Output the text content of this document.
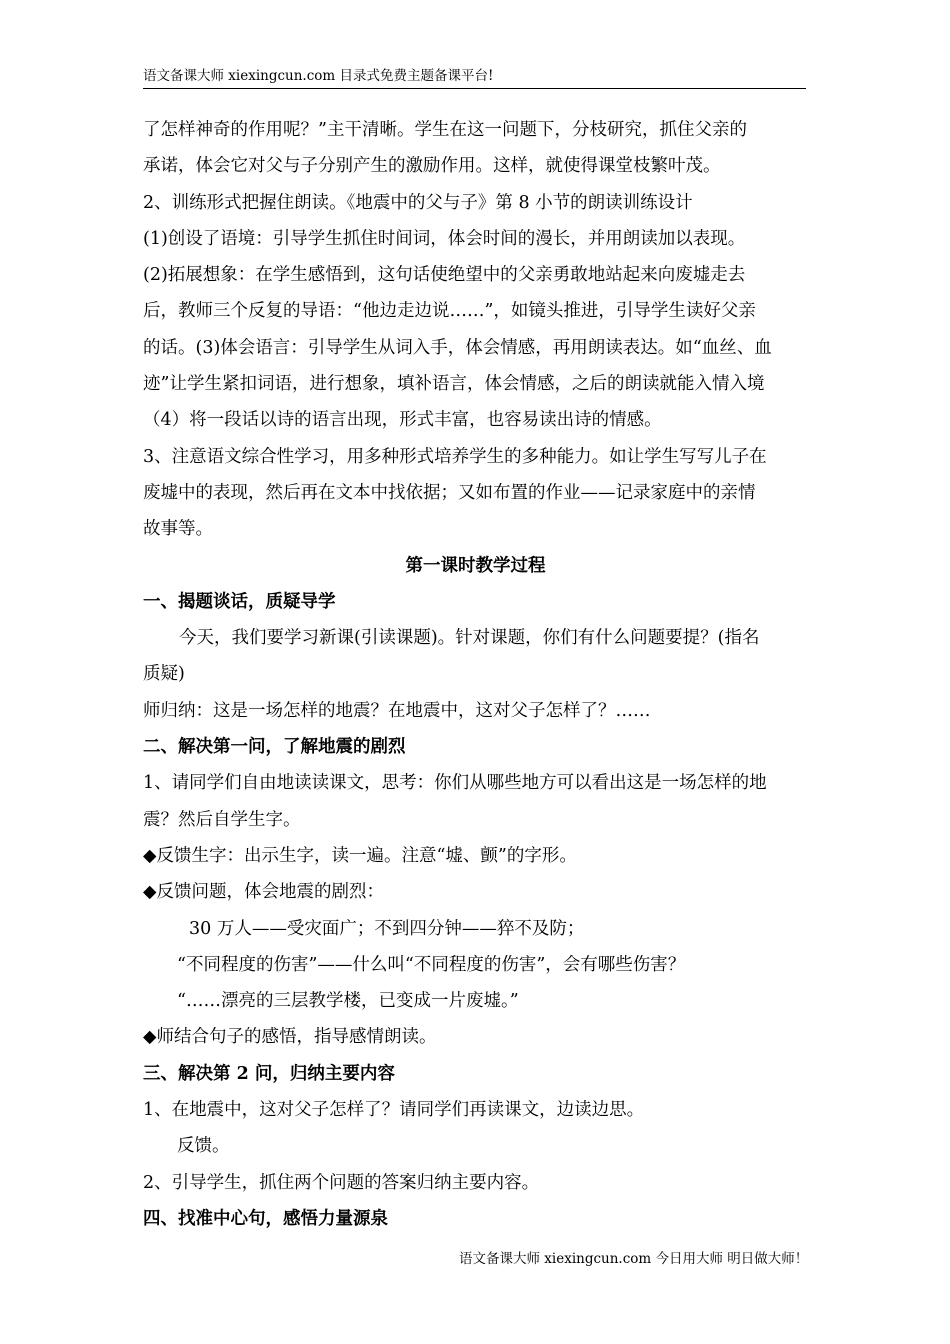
语文备课大师 xiexingcun.com 目录式免费主题备课平台!
了怎样神奇的作用呢？”主干清晰。学生在这一问题下，分枝研究，抓住父亲的
承诺，体会它对父与子分别产生的激励作用。这样，就使得课堂枝繁叶茂。
2、训练形式把握住朗读。《地震中的父与子》第 8 小节的朗读训练设计
(1)创设了语境：引导学生抓住时间词，体会时间的漫长，并用朗读加以表现。
(2)拓展想象：在学生感悟到，这句话使绝望中的父亲勇敢地站起来向废墟走去
后，教师三个反复的导语：“他边走边说……”，如镜头推进，引导学生读好父亲
的话。(3)体会语言：引导学生从词入手，体会情感，再用朗读表达。如“血丝、血
迹”让学生紧扣词语，进行想象，填补语言，体会情感，之后的朗读就能入情入境
（4）将一段话以诗的语言出现，形式丰富，也容易读出诗的情感。
3、注意语文综合性学习，用多种形式培养学生的多种能力。如让学生写写儿子在
废墟中的表现，然后再在文本中找依据；又如布置的作业——记录家庭中的亲情
故事等。
第一课时教学过程
一、揭题谈话，质疑导学
今天，我们要学习新课(引读课题)。针对课题，你们有什么问题要提？(指名
质疑)
师归纳：这是一场怎样的地震？在地震中，这对父子怎样了？……
二、解决第一问，了解地震的剧烈
1、请同学们自由地读读课文，思考：你们从哪些地方可以看出这是一场怎样的地
震？然后自学生字。
◆反馈生字：出示生字，读一遍。注意“墟、颤”的字形。
◆反馈问题，体会地震的剧烈：
30 万人——受灾面广；不到四分钟——猝不及防；
“不同程度的伤害”——什么叫“不同程度的伤害”，会有哪些伤害？
“……漂亮的三层教学楼，已变成一片废墟。”
◆师结合句子的感悟，指导感情朗读。
三、解决第 2 问，归纳主要内容
1、在地震中，这对父子怎样了？请同学们再读课文，边读边思。
反馈。
2、引导学生，抓住两个问题的答案归纳主要内容。
四、找准中心句，感悟力量源泉
语文备课大师 xiexingcun.com 今日用大师 明日做大师！
